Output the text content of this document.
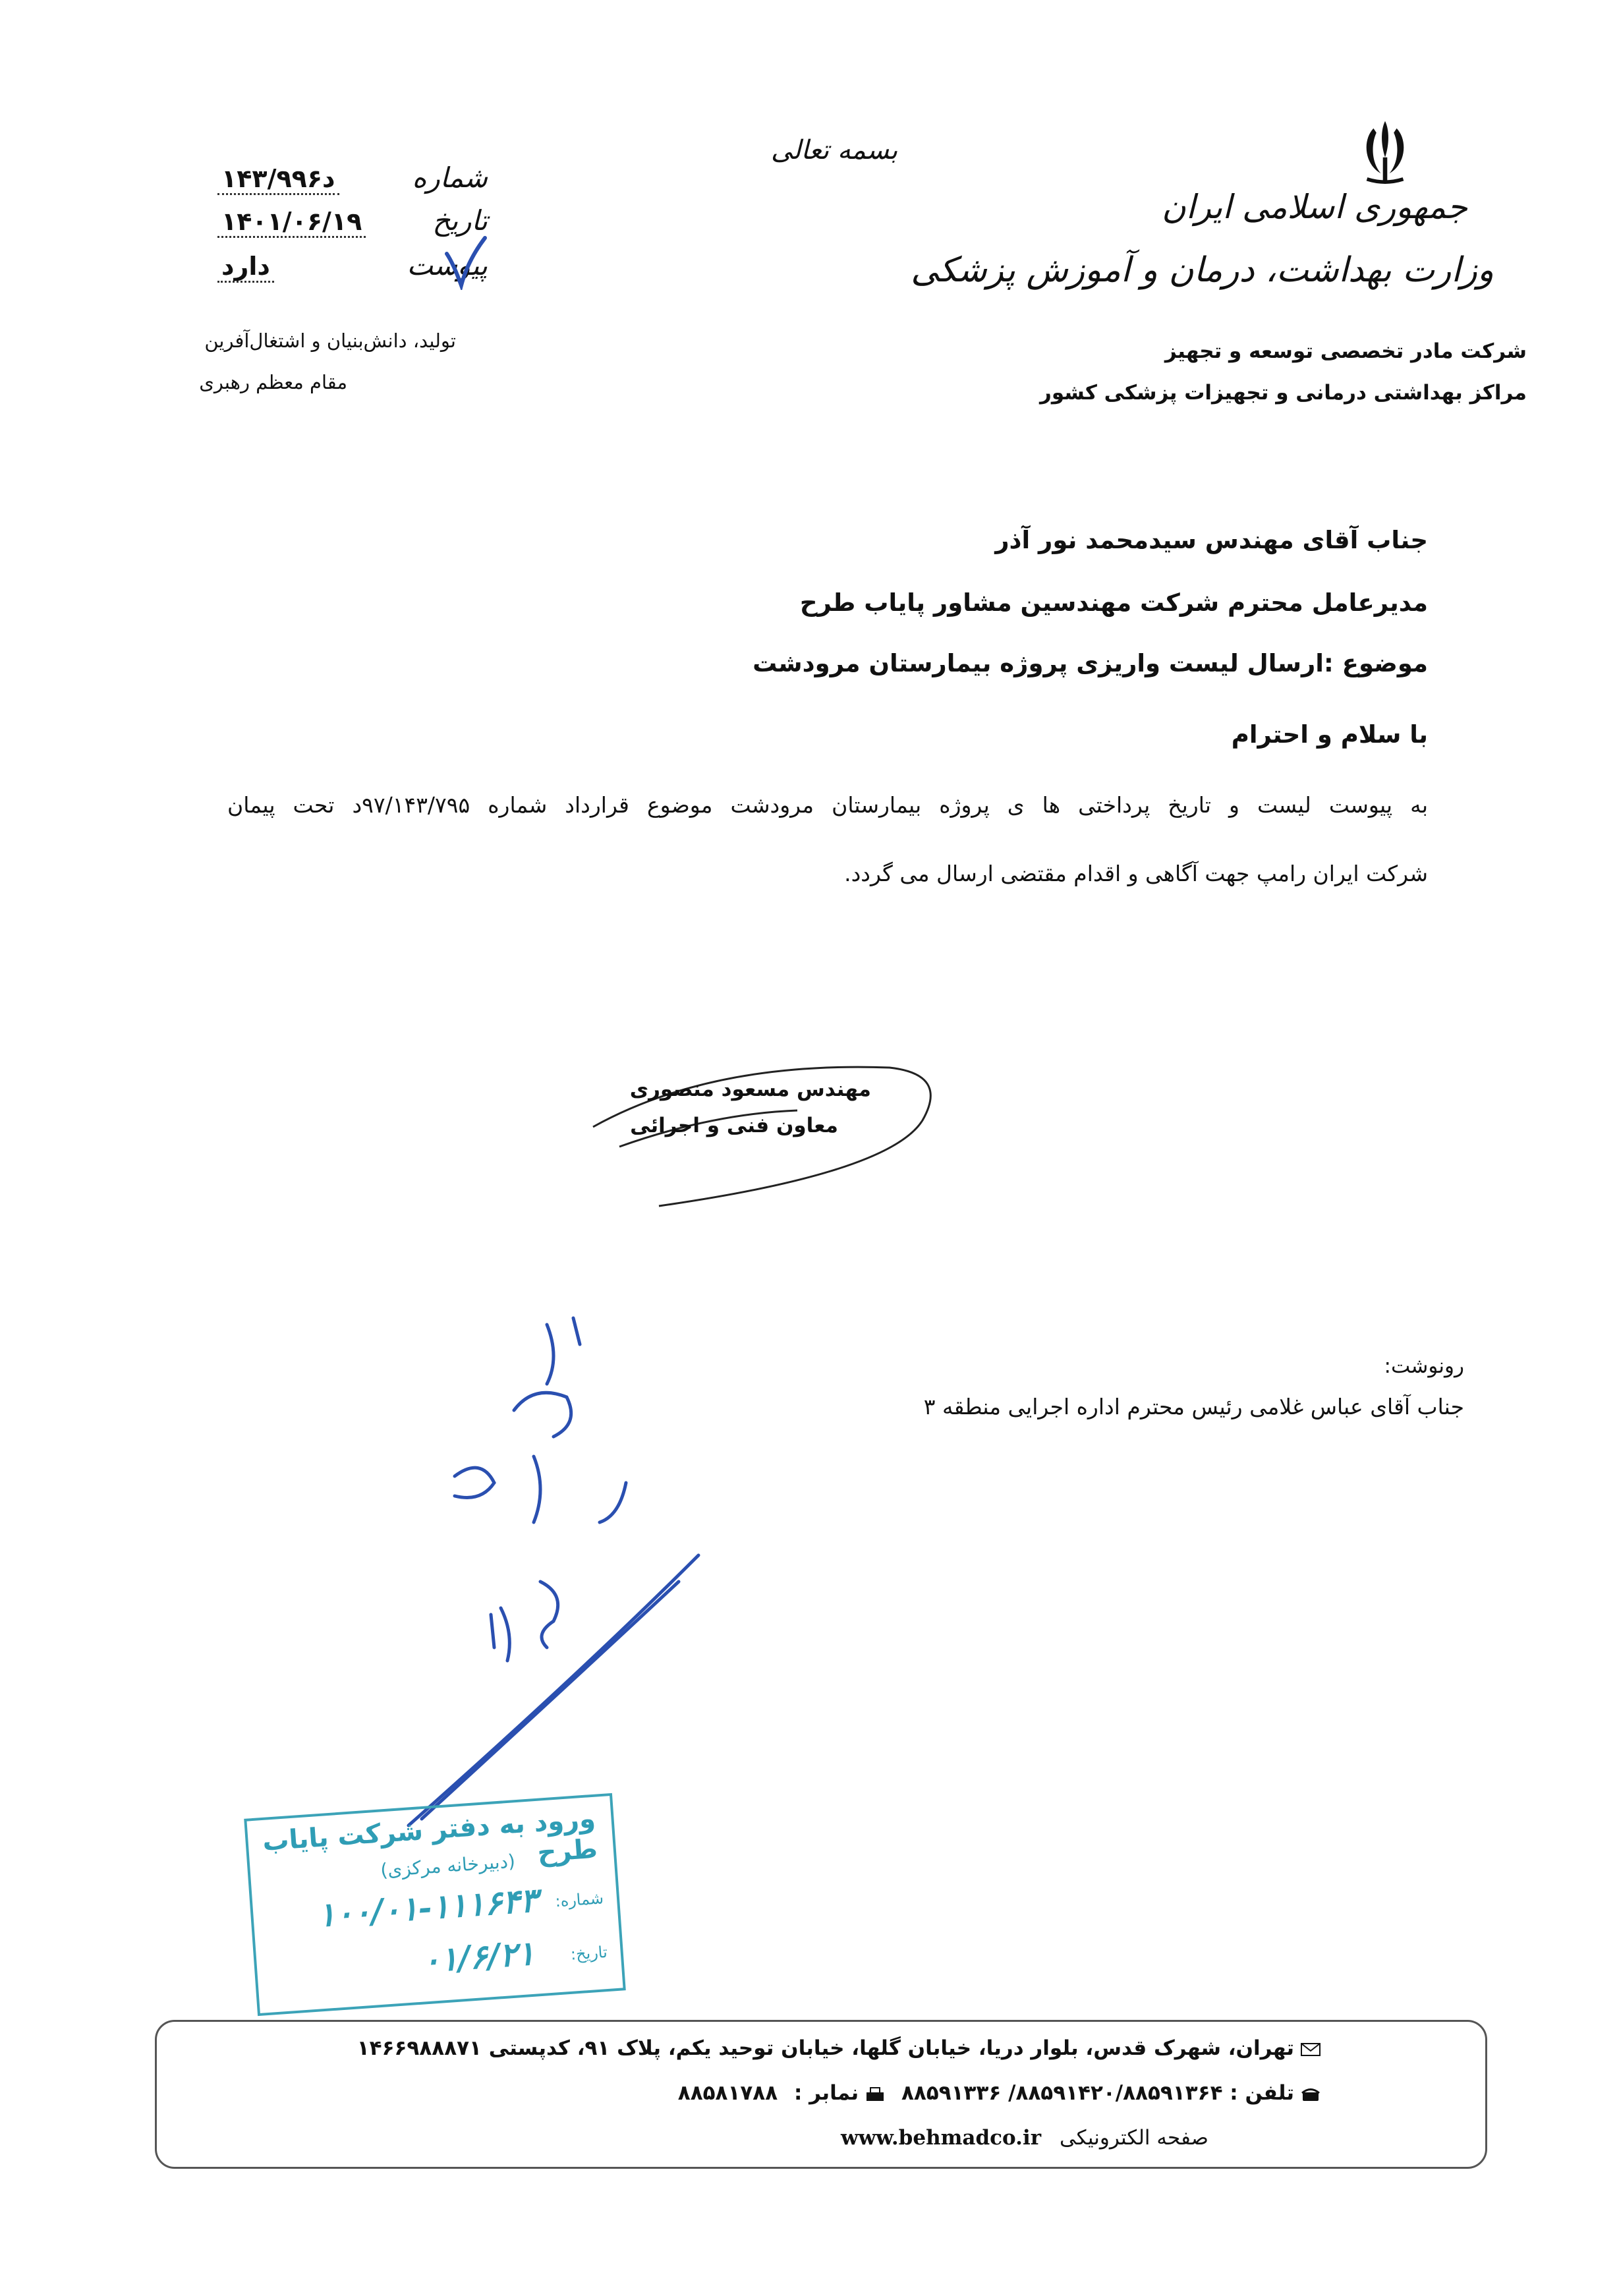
جمهوری اسلامی ایران
وزارت بهداشت، درمان و آموزش پزشکی
شرکت مادر تخصصی توسعه و تجهیز
مراکز بهداشتی درمانی و تجهیزات پزشکی کشور
بسمه تعالی
شماره
۱۴۳/۹۹۶د
تاریخ
۱۴۰۱/۰۶/۱۹
پیوست
دارد
تولید، دانش‌بنیان و اشتغال‌آفرین
مقام معظم رهبری
جناب آقای مهندس سیدمحمد نور آذر
مدیرعامل محترم شرکت مهندسین مشاور پایاب طرح
موضوع :ارسال لیست واریزی پروژه بیمارستان مرودشت
با سلام و احترام
به پیوست لیست و تاریخ پرداختی ها ی پروژه بیمارستان مرودشت موضوع قرارداد شماره ۹۷/۱۴۳/۷۹۵د تحت پیمان
شرکت ایران رامپ جهت آگاهی و اقدام مقتضی ارسال می گردد.
مهندس مسعود منصوری
معاون فنی و اجرائی
رونوشت:
جناب آقای عباس غلامی رئیس محترم اداره اجرایی منطقه ۳
ورود به دفتر شرکت پایاب طرح
(دبیرخانه مرکزی)
شماره:
۱۰۰/۰۱-۱۱۱۶۴۳
تاریخ:
۰۱/۶/۲۱
تهران، شهرک قدس، بلوار دریا، خیابان گلها، خیابان توحید یکم، پلاک ۹۱، کدپستی ۱۴۶۶۹۸۸۸۷۱
تلفن : ۸۸۵۹۱۴۲۰/۸۸۵۹۱۳۶۴/ ۸۸۵۹۱۳۳۶ نمابر : ۸۸۵۸۱۷۸۸
صفحه الکترونیکی www.behmadco.ir
